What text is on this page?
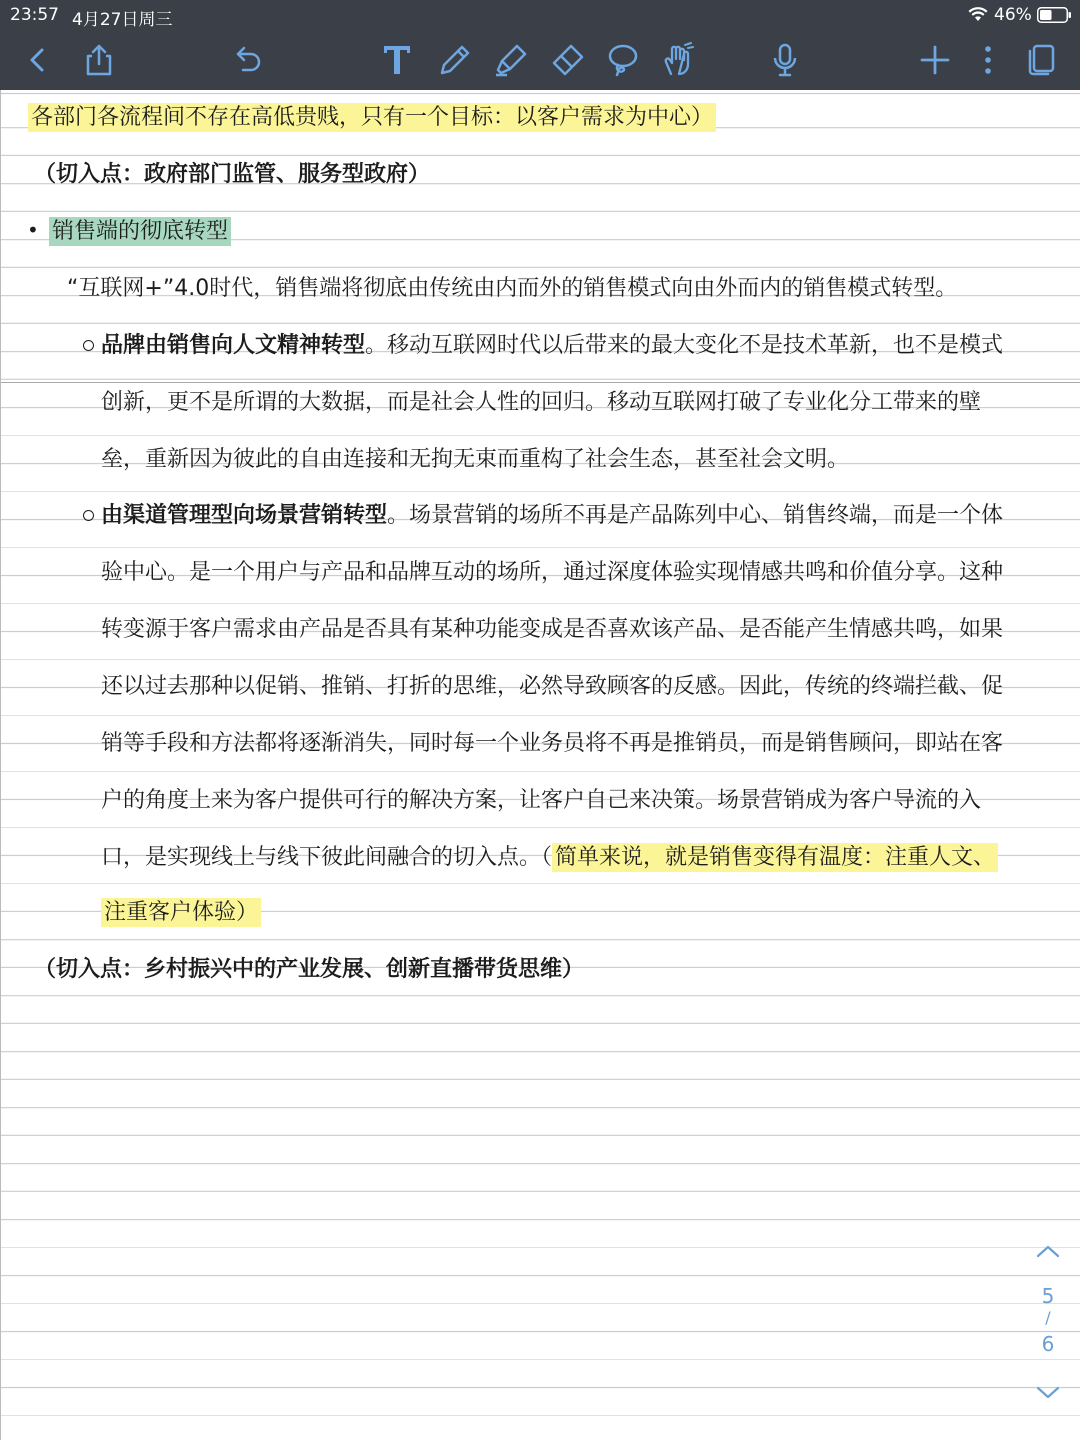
23:57 4月27日周三	46%
各部门各流程间不存在高低贵贱，只有一个目标：以客户需求为中心）
（切入点：政府部门监管、服务型政府）
• 销售端的彻底转型
“互联网+”4.0时代，销售端将彻底由传统由内而外的销售模式向由外而内的销售模式转型。
品牌由销售向人文精神转型。移动互联网时代以后带来的最大变化不是技术革新，也不是模式
创新，更不是所谓的大数据，而是社会人性的回归。移动互联网打破了专业化分工带来的壁
垒，重新因为彼此的自由连接和无拘无束而重构了社会生态，甚至社会文明。
由渠道管理型向场景营销转型。场景营销的场所不再是产品陈列中心、销售终端，而是一个体
验中心。是一个用户与产品和品牌互动的场所，通过深度体验实现情感共鸣和价值分享。这种
转变源于客户需求由产品是否具有某种功能变成是否喜欢该产品、是否能产生情感共鸣，如果
还以过去那种以促销、推销、打折的思维，必然导致顾客的反感。因此，传统的终端拦截、促
销等手段和方法都将逐渐消失，同时每一个业务员将不再是推销员，而是销售顾问，即站在客
户的角度上来为客户提供可行的解决方案，让客户自己来决策。场景营销成为客户导流的入
口，是实现线上与线下彼此间融合的切入点。（ 简单来说，就是销售变得有温度：注重人文、
注重客户体验）
（切入点：乡村振兴中的产业发展、创新直播带货思维）
5
/
6
